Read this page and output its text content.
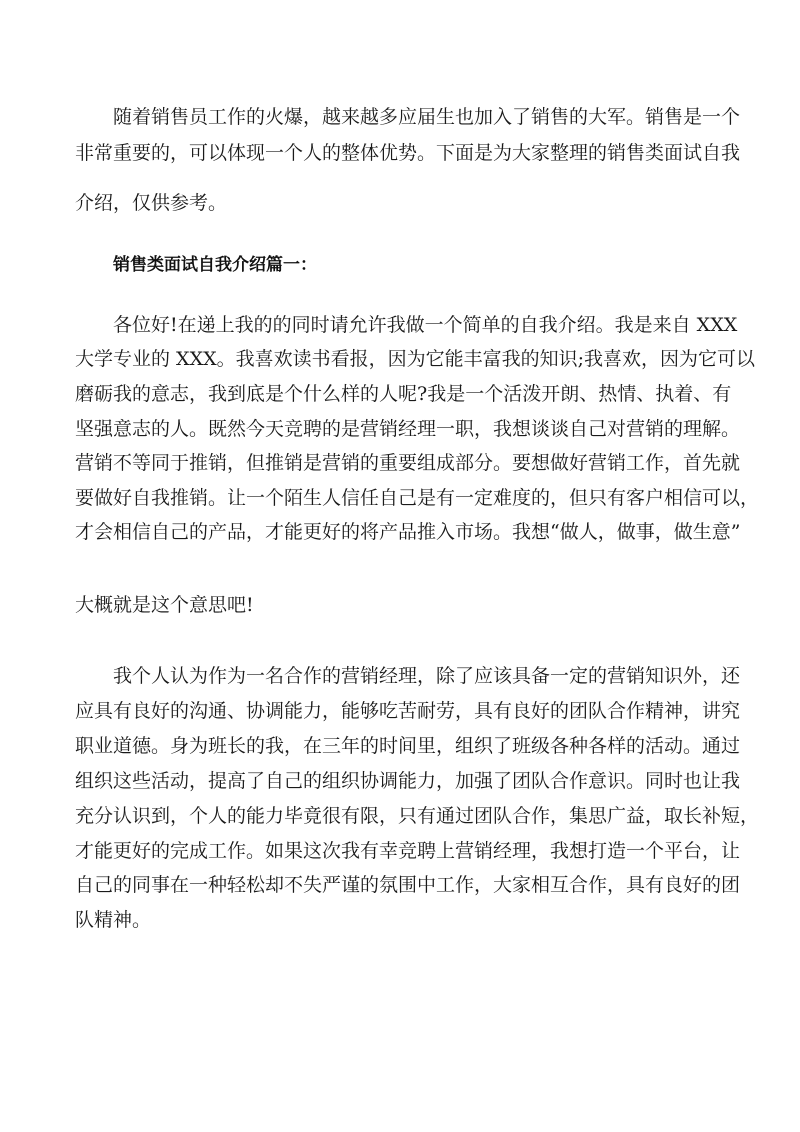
随着销售员工作的火爆，越来越多应届生也加入了销售的大军。销售是一个

非常重要的，可以体现一个人的整体优势。下面是为大家整理的销售类面试自我

介绍，仅供参考。

销售类面试自我介绍篇一：

各位好!在递上我的的同时请允许我做一个简单的自我介绍。我是来自 XXX

大学专业的 XXX。我喜欢读书看报，因为它能丰富我的知识;我喜欢，因为它可以

磨砺我的意志，我到底是个什么样的人呢?我是一个活泼开朗、热情、执着、有

坚强意志的人。既然今天竞聘的是营销经理一职，我想谈谈自己对营销的理解。

营销不等同于推销，但推销是营销的重要组成部分。要想做好营销工作，首先就

要做好自我推销。让一个陌生人信任自己是有一定难度的，但只有客户相信可以，

才会相信自己的产品，才能更好的将产品推入市场。我想“做人，做事，做生意”

大概就是这个意思吧!

我个人认为作为一名合作的营销经理，除了应该具备一定的营销知识外，还

应具有良好的沟通、协调能力，能够吃苦耐劳，具有良好的团队合作精神，讲究

职业道德。身为班长的我，在三年的时间里，组织了班级各种各样的活动。通过

组织这些活动，提高了自己的组织协调能力，加强了团队合作意识。同时也让我

充分认识到，个人的能力毕竟很有限，只有通过团队合作，集思广益，取长补短，

才能更好的完成工作。如果这次我有幸竞聘上营销经理，我想打造一个平台，让

自己的同事在一种轻松却不失严谨的氛围中工作，大家相互合作，具有良好的团

队精神。
